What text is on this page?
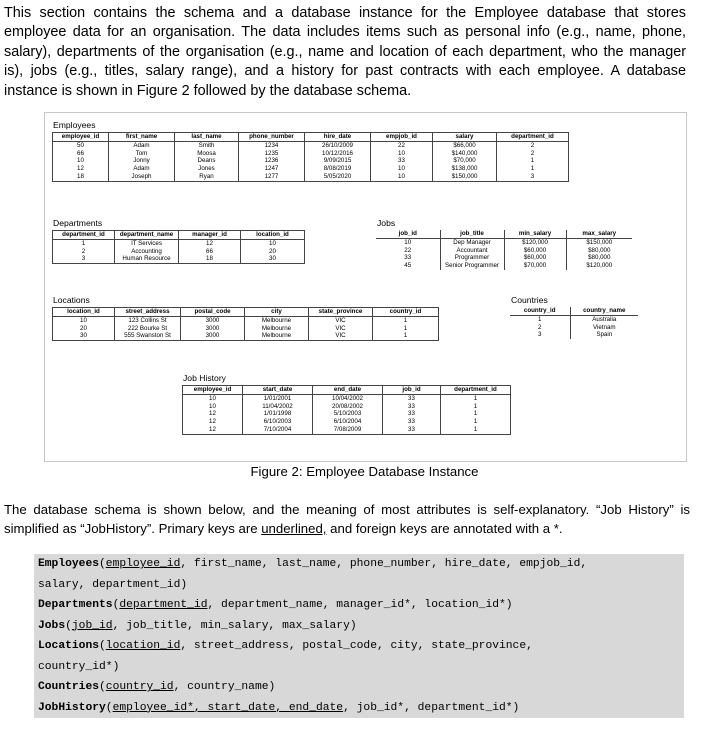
This section contains the schema and a database instance for the Employee database that stores employee data for an organisation. The data includes items such as personal info (e.g., name, phone, salary), departments of the organisation (e.g., name and location of each department, who the manager is), jobs (e.g., titles, salary range), and a history for past contracts with each employee. A database instance is shown in Figure 2 followed by the database schema.

Employees
employee_id	first_name	last_name	phone_number	hire_date	empjob_id	salary	department_id
50	Adam	Smith	1234	26/10/2009	22	$66,000	2
66	Tom	Moosa	1235	10/12/2016	10	$140,000	2
10	Jonny	Deans	1236	9/09/2015	33	$70,000	1
12	Adam	Jones	1247	8/08/2019	10	$138,000	1
18	Joseph	Ryan	1277	5/05/2020	10	$150,000	3
Departments
department_id	department_name	manager_id	location_id
1	IT Services	12	10
2	Accounting	66	20
3	Human Resource	18	30
Jobs
job_id	job_title	min_salary	max_salary
10	Dep Manager	$120,000	$150,000
22	Accountant	$60,000	$80,000
33	Programmer	$60,000	$80,000
45	Senior Programmer	$70,000	$120,000
Locations
location_id	street_address	postal_code	city	state_province	country_id
10	123 Collins St	3000	Melbourne	VIC	1
20	222 Bourke St	3000	Melbourne	VIC	1
30	555 Swanston St	3000	Melbourne	VIC	1
Countries
country_id	country_name
1	Australia
2	Vietnam
3	Spain
Job History
employee_id	start_date	end_date	job_id	department_id
10	1/01/2001	10/04/2002	33	1
10	11/04/2002	20/08/2002	33	1
12	1/01/1998	5/10/2003	33	1
12	6/10/2003	6/10/2004	33	1
12	7/10/2004	7/08/2009	33	1
Figure 2: Employee Database Instance

The database schema is shown below, and the meaning of most attributes is self-explanatory. “Job History” is simplified as “JobHistory”. Primary keys are underlined, and foreign keys are annotated with a *.

Employees(employee_id, first_name, last_name, phone_number, hire_date, empjob_id,
salary, department_id)
Departments(department_id, department_name, manager_id*, location_id*)
Jobs(job_id, job_title, min_salary, max_salary)
Locations(location_id, street_address, postal_code, city, state_province,
country_id*)
Countries(country_id, country_name)
JobHistory(employee_id*, start_date, end_date, job_id*, department_id*)
